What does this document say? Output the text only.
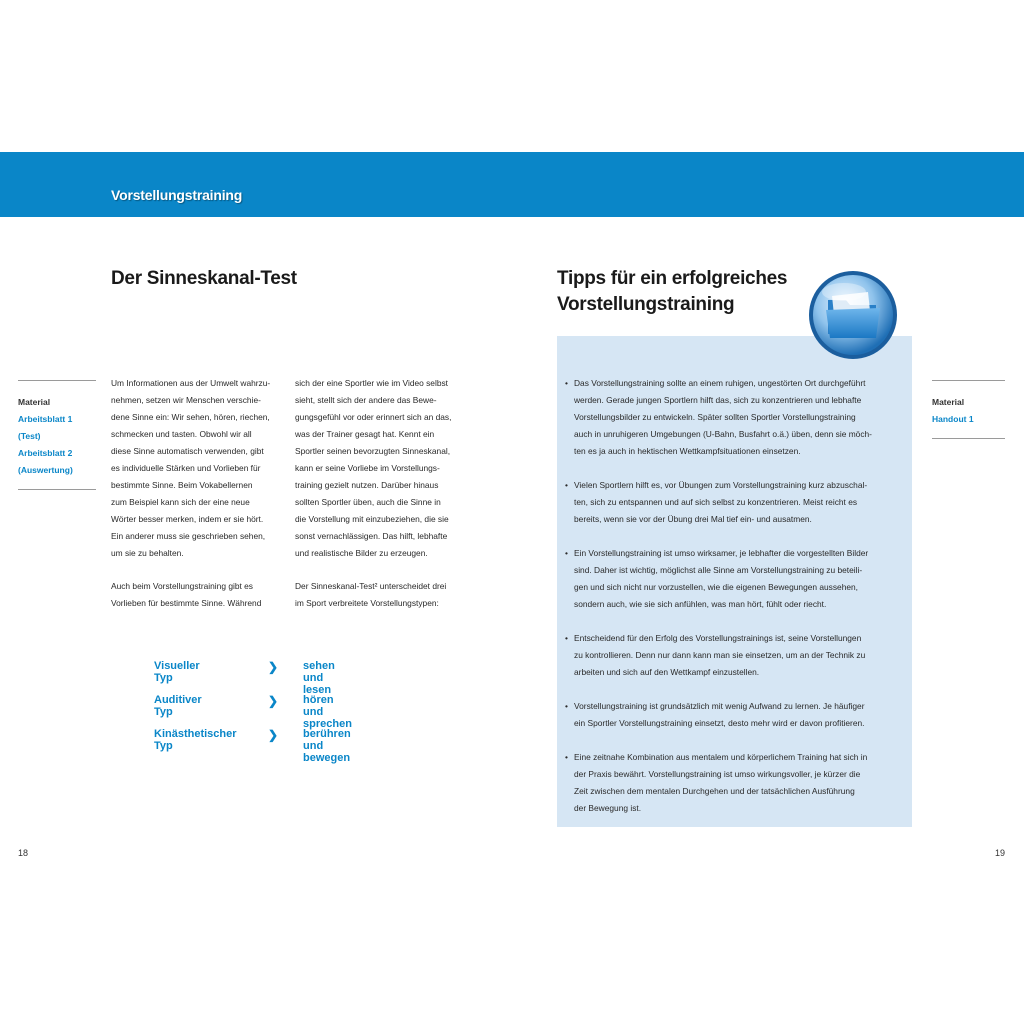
Vorstellungstraining
Der Sinneskanal-Test
Material
Arbeitsblatt 1
(Test)
Arbeitsblatt 2
(Auswertung)

Um Informationen aus der Umwelt wahrzu-
nehmen, setzen wir Menschen verschie-
dene Sinne ein: Wir sehen, hören, riechen,
schmecken und tasten. Obwohl wir all
diese Sinne automatisch verwenden, gibt
es individuelle Stärken und Vorlieben für
bestimmte Sinne. Beim Vokabellernen
zum Beispiel kann sich der eine neue
Wörter besser merken, indem er sie hört.
Ein anderer muss sie geschrieben sehen,
um sie zu behalten.

Auch beim Vorstellungstraining gibt es
Vorlieben für bestimmte Sinne. Während

sich der eine Sportler wie im Video selbst
sieht, stellt sich der andere das Bewe-
gungsgefühl vor oder erinnert sich an das,
was der Trainer gesagt hat. Kennt ein
Sportler seinen bevorzugten Sinneskanal,
kann er seine Vorliebe im Vorstellungs-
training gezielt nutzen. Darüber hinaus
sollten Sportler üben, auch die Sinne in
die Vorstellung mit einzubeziehen, die sie
sonst vernachlässigen. Das hilft, lebhafte
und realistische Bilder zu erzeugen.

Der Sinneskanal-Test² unterscheidet drei
im Sport verbreitete Vorstellungstypen:

Visueller Typ
❯ sehen und lesen
Auditiver Typ
❯ hören und sprechen
Kinästhetischer Typ
❯ berühren und bewegen
18
Tipps für ein erfolgreiches
Vorstellungstraining
• Das Vorstellungstraining sollte an einem ruhigen, ungestörten Ort durchgeführt
werden. Gerade jungen Sportlern hilft das, sich zu konzentrieren und lebhafte
Vorstellungsbilder zu entwickeln. Später sollten Sportler Vorstellungstraining
auch in unruhigeren Umgebungen (U-Bahn, Busfahrt o.ä.) üben, denn sie möch-
ten es ja auch in hektischen Wettkampfsituationen einsetzen.
• Vielen Sportlern hilft es, vor Übungen zum Vorstellungstraining kurz abzuschal-
ten, sich zu entspannen und auf sich selbst zu konzentrieren. Meist reicht es
bereits, wenn sie vor der Übung drei Mal tief ein- und ausatmen.
• Ein Vorstellungstraining ist umso wirksamer, je lebhafter die vorgestellten Bilder
sind. Daher ist wichtig, möglichst alle Sinne am Vorstellungstraining zu beteili-
gen und sich nicht nur vorzustellen, wie die eigenen Bewegungen aussehen,
sondern auch, wie sie sich anfühlen, was man hört, fühlt oder riecht.
• Entscheidend für den Erfolg des Vorstellungstrainings ist, seine Vorstellungen
zu kontrollieren. Denn nur dann kann man sie einsetzen, um an der Technik zu
arbeiten und sich auf den Wettkampf einzustellen.
• Vorstellungstraining ist grundsätzlich mit wenig Aufwand zu lernen. Je häufiger
ein Sportler Vorstellungstraining einsetzt, desto mehr wird er davon profitieren.
• Eine zeitnahe Kombination aus mentalem und körperlichem Training hat sich in
der Praxis bewährt. Vorstellungstraining ist umso wirkungsvoller, je kürzer die
Zeit zwischen dem mentalen Durchgehen und der tatsächlichen Ausführung
der Bewegung ist.
Material
Handout 1
19
